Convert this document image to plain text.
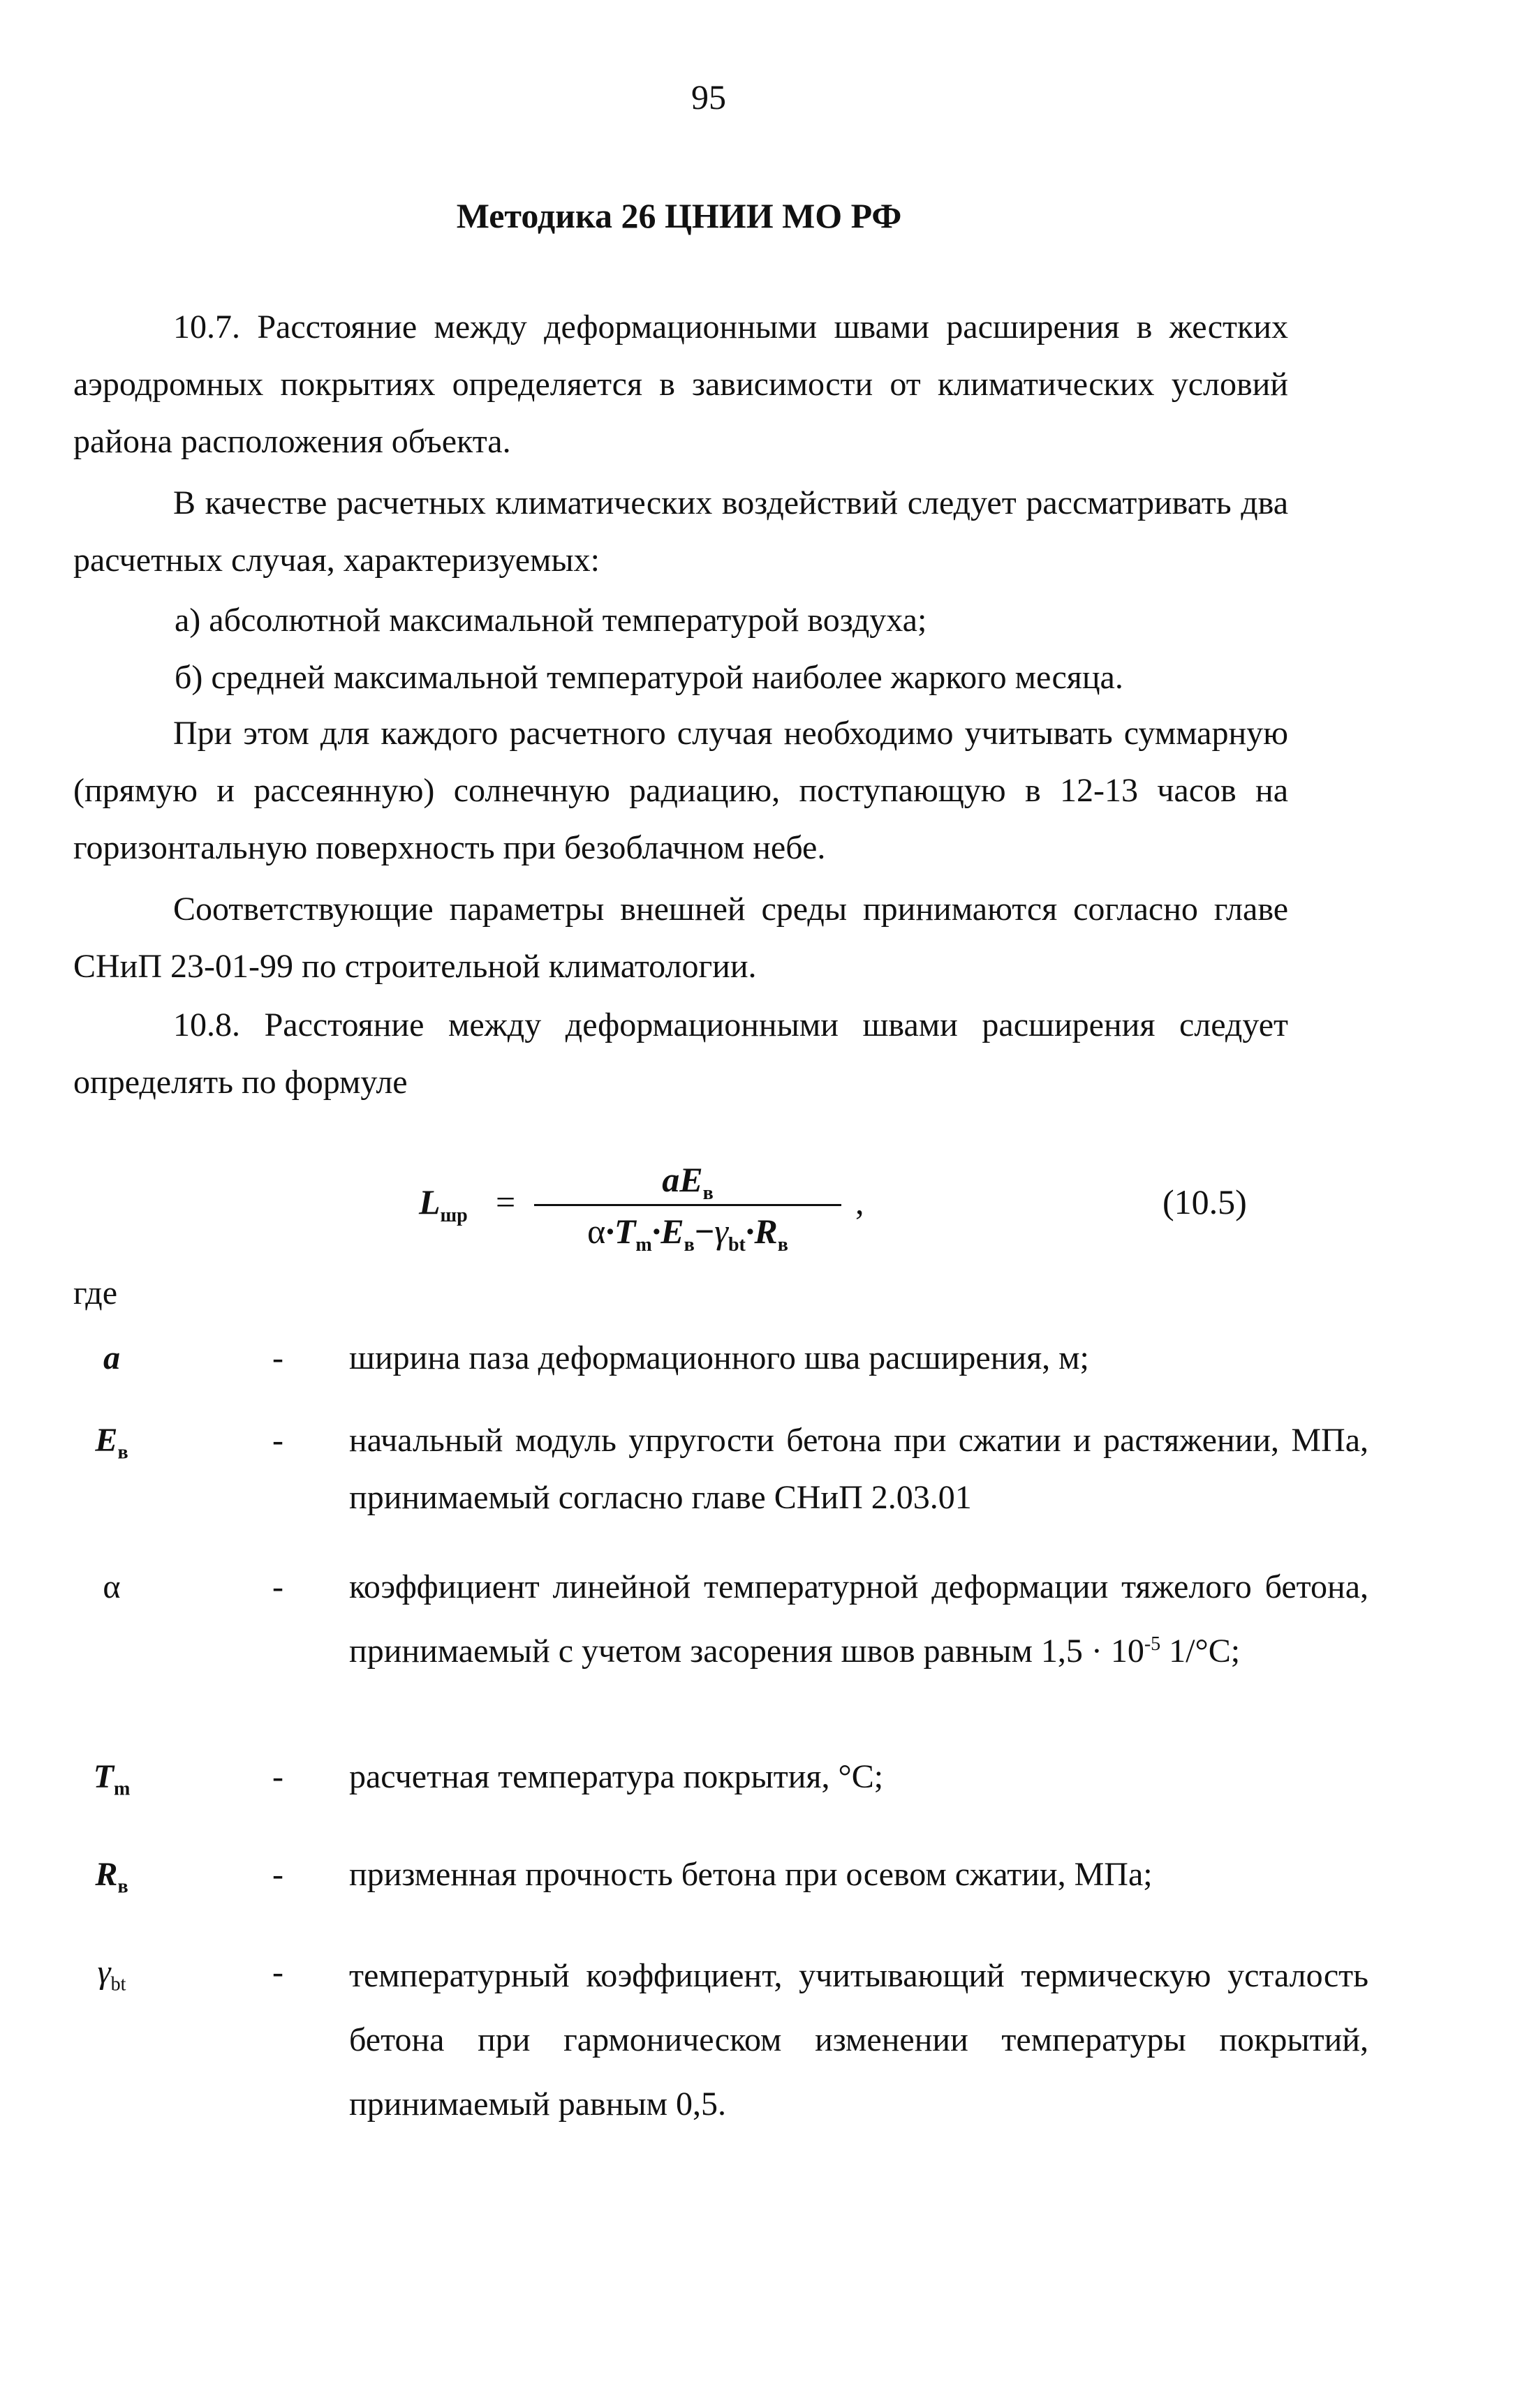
95
Методика 26 ЦНИИ МО РФ

10.7. Расстояние между деформационными швами расширения в жестких аэродромных покрытиях определяется в зависимости от климатических условий района расположения объекта.

В качестве расчетных климатических воздействий следует рассматривать два расчетных случая, характеризуемых:

а) абсолютной максимальной температурой воздуха;

б) средней максимальной температурой наиболее жаркого месяца.

При этом для каждого расчетного случая необходимо учитывать суммарную (прямую и рассеянную) солнечную радиацию, поступающую в 12-13 часов на горизонтальную поверхность при безоблачном небе.

Соответствующие параметры внешней среды принимаются согласно главе СНиП 23-01-99 по строительной климатологии.

10.8. Расстояние между деформационными швами расширения следует определять по формуле

$L_{шр}$ =
$aE_в$
$\alpha\cdot T_m\cdot E_в-\gamma_{bt}\cdot R_в$
,	(10.5)
где
a	- ширина паза деформационного шва расширения, м;
$E_в$	- начальный модуль упругости бетона при сжатии и растяжении, МПа, принимаемый согласно главе СНиП 2.03.01
α	- коэффициент линейной температурной деформации тяжелого бетона, принимаемый с учетом засорения швов равным $1,5 \cdot 10^{-5}$ 1/°С;
$T_m$	- расчетная температура покрытия, °С;
$R_в$	- призменная прочность бетона при осевом сжатии, МПа;
$\gamma_{bt}$	- температурный коэффициент, учитывающий термическую усталость бетона при гармоническом изменении температуры покрытий, принимаемый равным 0,5.
